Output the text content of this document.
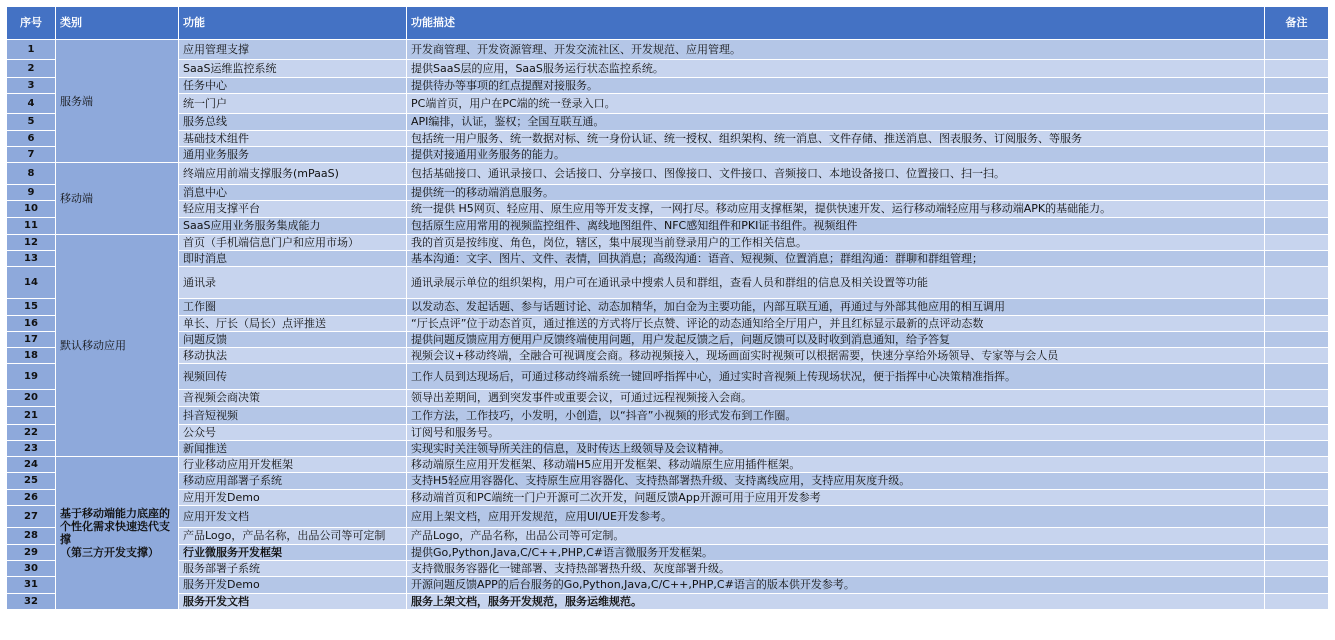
序号	类别	功能	功能描述	备注
1	服务端	应用管理支撑	开发商管理、开发资源管理、开发交流社区、开发规范、应用管理。	
2		SaaS运维监控系统	提供SaaS层的应用，SaaS服务运行状态监控系统。	
3		任务中心	提供待办等事项的红点提醒对接服务。	
4		统一门户	PC端首页，用户在PC端的统一登录入口。	
5		服务总线	API编排，认证，鉴权；全国互联互通。	
6		基础技术组件	包括统一用户服务、统一数据对标、统一身份认证、统一授权、组织架构、统一消息、文件存储、推送消息、图表服务、订阅服务、等服务	
7		通用业务服务	提供对接通用业务服务的能力。	
8	移动端	终端应用前端支撑服务(mPaaS)	包括基础接口、通讯录接口、会话接口、分享接口、图像接口、文件接口、音频接口、本地设备接口、位置接口、扫一扫。	
9		消息中心	提供统一的移动端消息服务。	
10		轻应用支撑平台	统一提供 H5网页、轻应用、原生应用等开发支撑，一网打尽。移动应用支撑框架，提供快速开发、运行移动端轻应用与移动端APK的基础能力。	
11		SaaS应用业务服务集成能力	包括原生应用常用的视频监控组件、离线地图组件、NFC感知组件和PKI证书组件。视频组件	
12	默认移动应用	首页（手机端信息门户和应用市场）	我的首页是按纬度、角色，岗位，辖区，集中展现当前登录用户的工作相关信息。	
13		即时消息	基本沟通：文字、图片、文件、表情，回执消息；高级沟通：语音、短视频、位置消息；群组沟通：群聊和群组管理；	
14		通讯录	通讯录展示单位的组织架构，用户可在通讯录中搜索人员和群组，查看人员和群组的信息及相关设置等功能	
15		工作圈	以发动态、发起话题、参与话题讨论、动态加精华，加白金为主要功能，内部互联互通，再通过与外部其他应用的相互调用	
16		单长、厅长（局长）点评推送	“厅长点评”位于动态首页，通过推送的方式将厅长点赞、评论的动态通知给全厅用户，并且红标显示最新的点评动态数	
17		问题反馈	提供问题反馈应用方便用户反馈终端使用问题，用户发起反馈之后，问题反馈可以及时收到消息通知，给予答复	
18		移动执法	视频会议+移动终端，全融合可视调度会商。移动视频接入，现场画面实时视频可以根据需要，快速分享给外场领导、专家等与会人员	
19		视频回传	工作人员到达现场后，可通过移动终端系统一键回呼指挥中心，通过实时音视频上传现场状况，便于指挥中心决策精准指挥。	
20		音视频会商决策	领导出差期间，遇到突发事件或重要会议，可通过远程视频接入会商。	
21		抖音短视频	工作方法，工作技巧，小发明，小创造，以“抖音”小视频的形式发布到工作圈。	
22		公众号	订阅号和服务号。	
23		新闻推送	实现实时关注领导所关注的信息，及时传达上级领导及会议精神。	
24	基于移动端能力底座的个性化需求快速迭代支撑
（第三方开发支撑）	行业移动应用开发框架	移动端原生应用开发框架、移动端H5应用开发框架、移动端原生应用插件框架。	
25		移动应用部署子系统	支持H5轻应用容器化、支持原生应用容器化、支持热部署热升级、支持离线应用，支持应用灰度升级。	
26		应用开发Demo	移动端首页和PC端统一门户开源可二次开发，问题反馈App开源可用于应用开发参考	
27		应用开发文档	应用上架文档，应用开发规范，应用UI/UE开发参考。	
28		产品Logo，产品名称，出品公司等可定制	产品Logo，产品名称，出品公司等可定制。	
29		行业微服务开发框架	提供Go,Python,Java,C/C++,PHP,C#语言微服务开发框架。	
30		服务部署子系统	支持微服务容器化一键部署、支持热部署热升级、灰度部署升级。	
31		服务开发Demo	开源问题反馈APP的后台服务的Go,Python,Java,C/C++,PHP,C#语言的版本供开发参考。	
32		服务开发文档	服务上架文档，服务开发规范，服务运维规范。	
